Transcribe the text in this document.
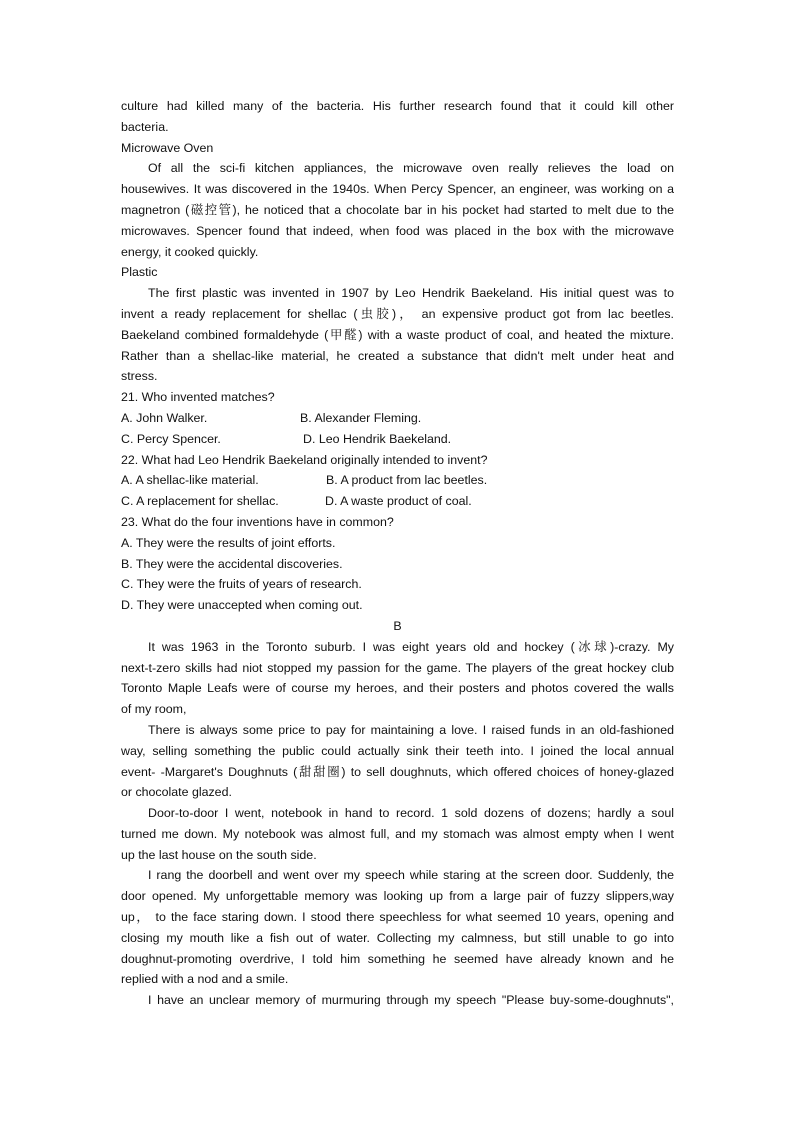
culture had killed many of the bacteria. His further research found that it could kill other
bacteria.
Microwave Oven
Of all the sci-fi kitchen appliances, the microwave oven really relieves the load on
housewives. It was discovered in the 1940s. When Percy Spencer, an engineer, was working on a
magnetron (磁控管), he noticed that a chocolate bar in his pocket had started to melt due to the
microwaves. Spencer found that indeed, when food was placed in the box with the microwave
energy, it cooked quickly.
Plastic
The first plastic was invented in 1907 by Leo Hendrik Baekeland. His initial quest was to
invent a ready replacement for shellac (虫胶)， an expensive product got from lac beetles.
Baekeland combined formaldehyde (甲醛) with a waste product of coal, and heated the mixture.
Rather than a shellac-like material, he created a substance that didn't melt under heat and
stress.
21. Who invented matches?
A. John Walker.	B. Alexander Fleming.
C. Percy Spencer.	D. Leo Hendrik Baekeland.
22. What had Leo Hendrik Baekeland originally intended to invent?
A. A shellac-like material.	B. A product from lac beetles.
C. A replacement for shellac.	D. A waste product of coal.
23. What do the four inventions have in common?
A. They were the results of joint efforts.
B. They were the accidental discoveries.
C. They were the fruits of years of research.
D. They were unaccepted when coming out.
B
It was 1963 in the Toronto suburb. I was eight years old and hockey (冰球)-crazy. My
next-t-zero skills had niot stopped my passion for the game. The players of the great hockey club
Toronto Maple Leafs were of course my heroes, and their posters and photos covered the walls
of my room,
There is always some price to pay for maintaining a love. I raised funds in an old-fashioned
way, selling something the public could actually sink their teeth into. I joined the local annual
event- -Margaret's Doughnuts (甜甜圈) to sell doughnuts, which offered choices of honey-glazed
or chocolate glazed.
Door-to-door I went, notebook in hand to record. 1 sold dozens of dozens; hardly a soul
turned me down. My notebook was almost full, and my stomach was almost empty when I went
up the last house on the south side.
I rang the doorbell and went over my speech while staring at the screen door. Suddenly, the
door opened. My unforgettable memory was looking up from a large pair of fuzzy slippers,way
up， to the face staring down. I stood there speechless for what seemed 10 years, opening and
closing my mouth like a fish out of water. Collecting my calmness, but still unable to go into
doughnut-promoting overdrive, I told him something he seemed have already known and he
replied with a nod and a smile.
I have an unclear memory of murmuring through my speech "Please buy-some-doughnuts",
